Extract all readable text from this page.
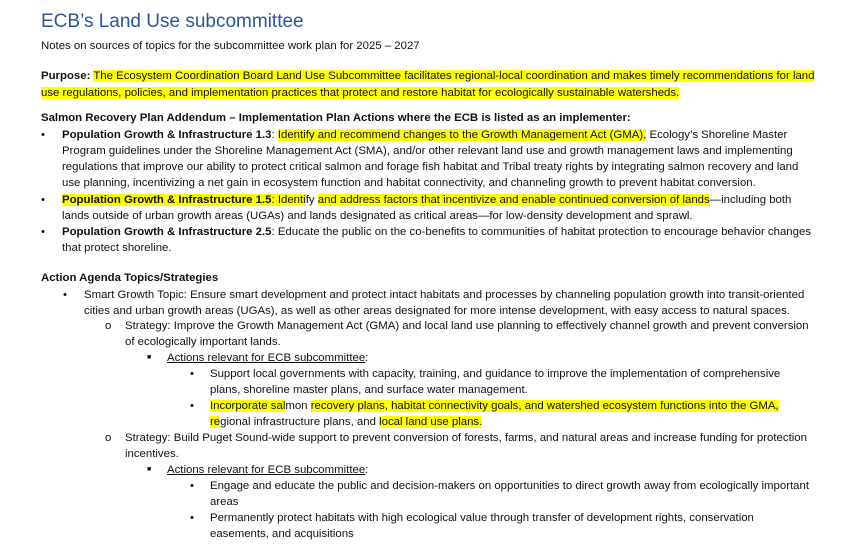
ECB’s Land Use subcommittee
Notes on sources of topics for the subcommittee work plan for 2025 – 2027

Purpose: The Ecosystem Coordination Board Land Use Subcommittee facilitates regional-local coordination and makes timely recommendations for land

use regulations, policies, and implementation practices that protect and restore habitat for ecologically sustainable watersheds.

Salmon Recovery Plan Addendum – Implementation Plan Actions where the ECB is listed as an implementer:
• Population Growth & Infrastructure 1.3: Identify and recommend changes to the Growth Management Act (GMA), Ecology’s Shoreline Master

Program guidelines under the Shoreline Management Act (SMA), and/or other relevant land use and growth management laws and implementing

regulations that improve our ability to protect critical salmon and forage fish habitat and Tribal treaty rights by integrating salmon recovery and land

use planning, incentivizing a net gain in ecosystem function and habitat connectivity, and channeling growth to prevent habitat conversion.

• Population Growth & Infrastructure 1.5: Identify and address factors that incentivize and enable continued conversion of lands—including both

lands outside of urban growth areas (UGAs) and lands designated as critical areas—for low-density development and sprawl.

• Population Growth & Infrastructure 2.5: Educate the public on the co-benefits to communities of habitat protection to encourage behavior changes

that protect shoreline.

Action Agenda Topics/Strategies
• Smart Growth Topic: Ensure smart development and protect intact habitats and processes by channeling population growth into transit-oriented

cities and urban growth areas (UGAs), as well as other areas designated for more intense development, with easy access to natural spaces.

o Strategy: Improve the Growth Management Act (GMA) and local land use planning to effectively channel growth and prevent conversion

of ecologically important lands.

■ Actions relevant for ECB subcommittee:
• Support local governments with capacity, training, and guidance to improve the implementation of comprehensive

plans, shoreline master plans, and surface water management.

• Incorporate salmon recovery plans, habitat connectivity goals, and watershed ecosystem functions into the GMA,

regional infrastructure plans, and local land use plans.

o Strategy: Build Puget Sound-wide support to prevent conversion of forests, farms, and natural areas and increase funding for protection

incentives.

■ Actions relevant for ECB subcommittee:
• Engage and educate the public and decision-makers on opportunities to direct growth away from ecologically important

areas

• Permanently protect habitats with high ecological value through transfer of development rights, conservation

easements, and acquisitions
